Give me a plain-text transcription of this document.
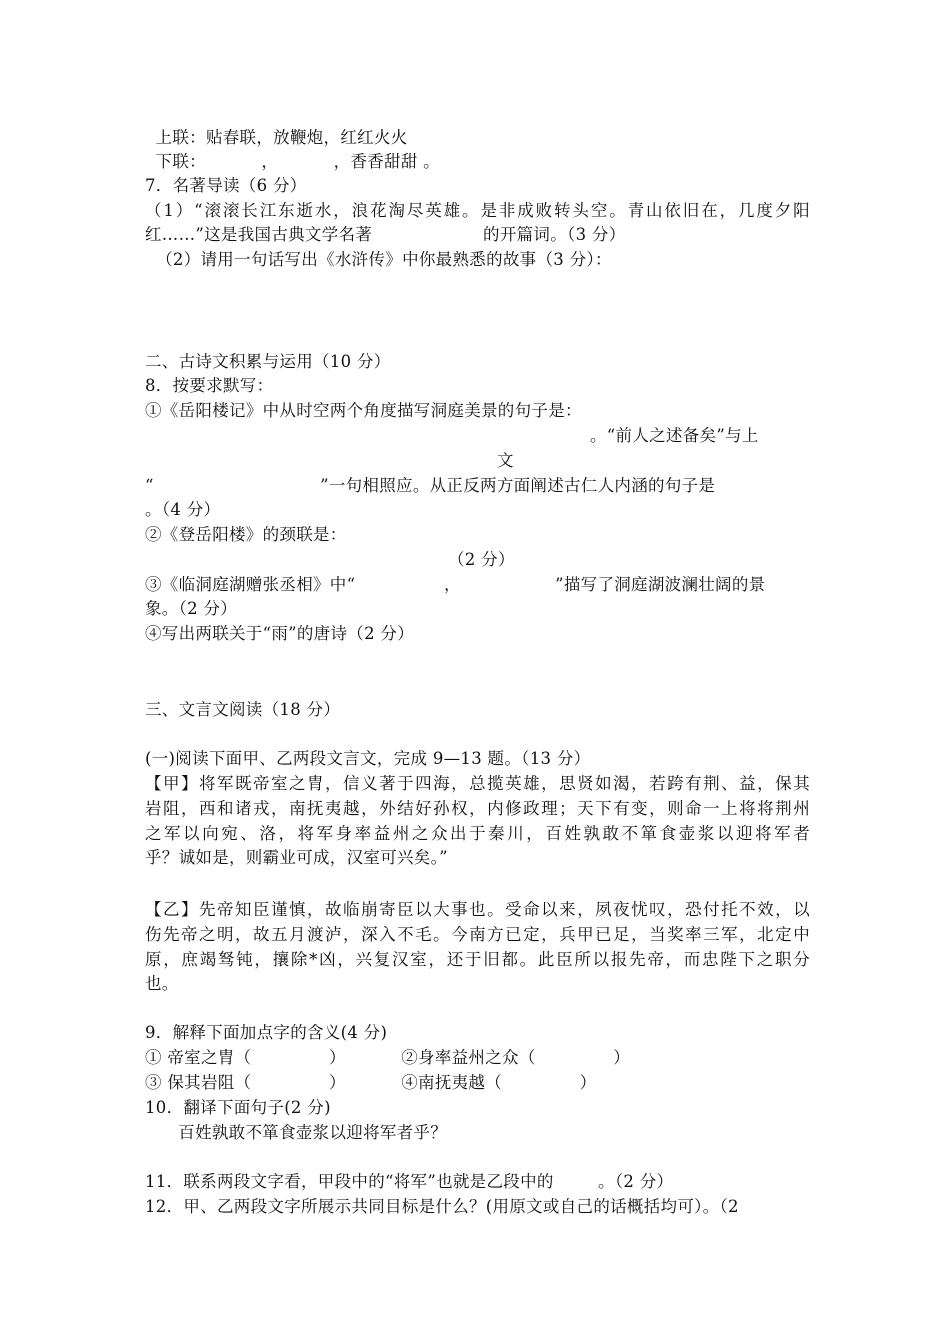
上联：贴春联，放鞭炮，红红火火
下联：          ，          ，香香甜甜 。
7．名著导读（6 分）
（1）“滚滚长江东逝水，浪花淘尽英雄。是非成败转头空。青山依旧在，几度夕阳
红……”这是我国古典文学名著                    的开篇词。（3 分）
（2）请用一句话写出《水浒传》中你最熟悉的故事（3 分）：
二、古诗文积累与运用（10 分）
8．按要求默写：
①《岳阳楼记》中从时空两个角度描写洞庭美景的句子是：
。“前人之述备矣”与上
文
“                              ”一句相照应。从正反两方面阐述古仁人内涵的句子是
。（4 分）
②《登岳阳楼》的颈联是：
（2 分）
③《临洞庭湖赠张丞相》中“                ，                 ”描写了洞庭湖波澜壮阔的景
象。（2 分）
④写出两联关于“雨”的唐诗（2 分）
三、文言文阅读（18 分）
(一)阅读下面甲、乙两段文言文，完成 9—13 题。（13 分）
【甲】将军既帝室之胄，信义著于四海，总揽英雄，思贤如渴，若跨有荆、益，保其
岩阻，西和诸戎，南抚夷越，外结好孙权，内修政理；天下有变，则命一上将将荆州
之军以向宛、洛，将军身率益州之众出于秦川，百姓孰敢不箪食壶浆以迎将军者
乎？诚如是，则霸业可成，汉室可兴矣。”
【乙】先帝知臣谨慎，故临崩寄臣以大事也。受命以来，夙夜忧叹，恐付托不效，以
伤先帝之明，故五月渡泸，深入不毛。今南方已定，兵甲已足，当奖率三军，北定中
原，庶竭驽钝，攘除*凶，兴复汉室，还于旧都。此臣所以报先帝，而忠陛下之职分
也。
9．解释下面加点字的含义(4 分)
① 帝室之胄（              ）          ②身率益州之众（              ）
③ 保其岩阻（              ）          ④南抚夷越（              ）
10．翻译下面句子(2 分)
百姓孰敢不箪食壶浆以迎将军者乎？
11．联系两段文字看，甲段中的“将军”也就是乙段中的        。（2 分）
12．甲、乙两段文字所展示共同目标是什么？(用原文或自己的话概括均可）。（2
